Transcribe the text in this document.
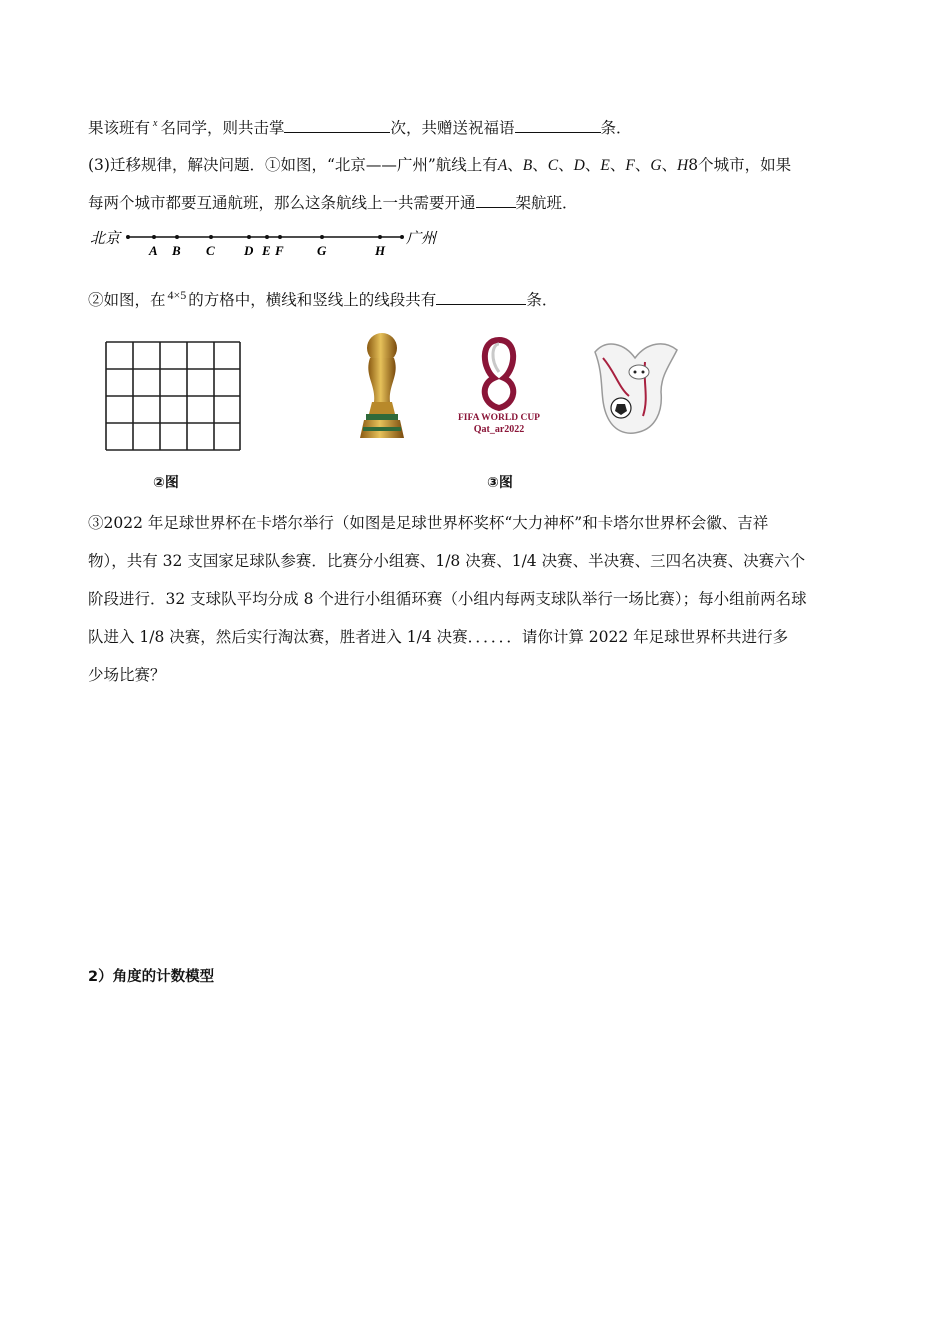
果该班有 $^x$ 名同学，则共击掌	次，共赠送祝福语	条．
(3)迁移规律，解决问题．①如图，“北京——广州”航线上有A、B、C、D、E、F、G、H8个城市，如果
每两个城市都要互通航班，那么这条航线上一共需要开通	架航班．
北京	广州
A B C D E F	G	H
②如图，在 $^{4\times 5}$ 的方格中，横线和竖线上的线段共有	条．
②图
FIFA WORLD CUP
Qat_ar2022
③图
③2022 年足球世界杯在卡塔尔举行（如图是足球世界杯奖杯“大力神杯”和卡塔尔世界杯会徽、吉祥
物），共有 32 支国家足球队参赛．比赛分小组赛、1/8 决赛、1/4 决赛、半决赛、三四名决赛、决赛六个
阶段进行．32 支球队平均分成 8 个进行小组循环赛（小组内每两支球队举行一场比赛）；每小组前两名球
队进入 1/8 决赛，然后实行淘汰赛，胜者进入 1/4 决赛．．．．．．请你计算 2022 年足球世界杯共进行多
少场比赛？
2）角度的计数模型
